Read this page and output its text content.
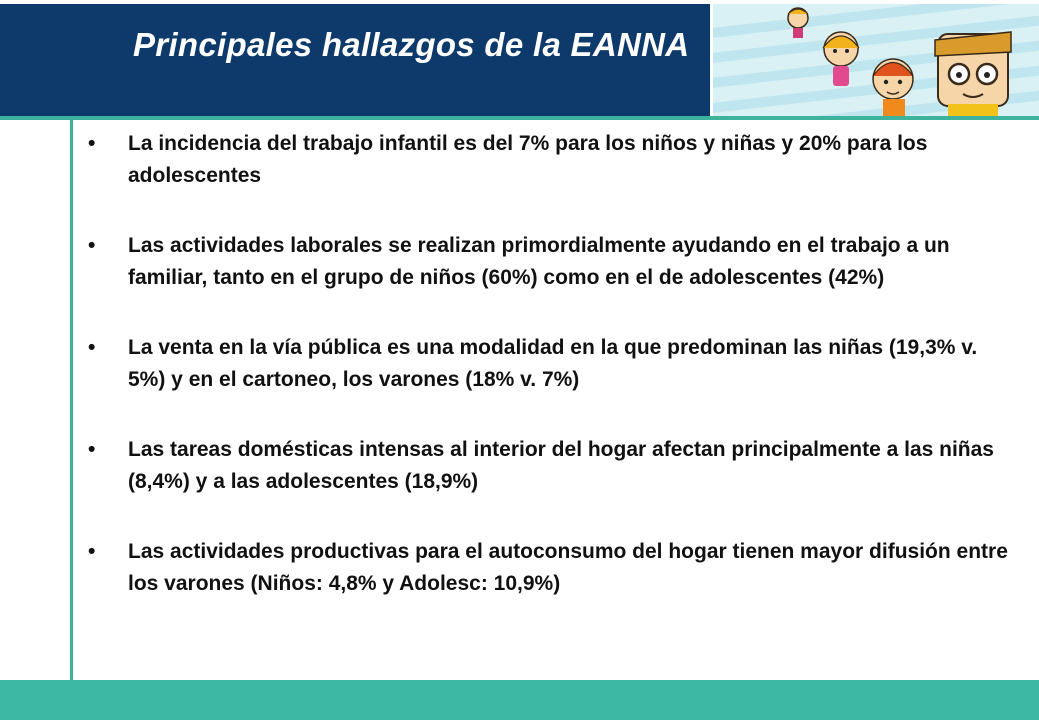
Principales hallazgos de la EANNA
• La incidencia del trabajo infantil es del 7% para los niños y niñas y 20% para los adolescentes
• Las actividades laborales se realizan primordialmente ayudando en el trabajo a un familiar, tanto en el grupo de niños (60%) como en el de adolescentes (42%)
• La venta en la vía pública es una modalidad en la que predominan las niñas (19,3% v. 5%) y en el cartoneo, los varones (18% v. 7%)
• Las tareas domésticas intensas al interior del hogar afectan principalmente a las niñas (8,4%) y a las adolescentes (18,9%)
• Las actividades productivas para el autoconsumo del hogar tienen mayor difusión entre los varones (Niños: 4,8% y Adolesc: 10,9%)
